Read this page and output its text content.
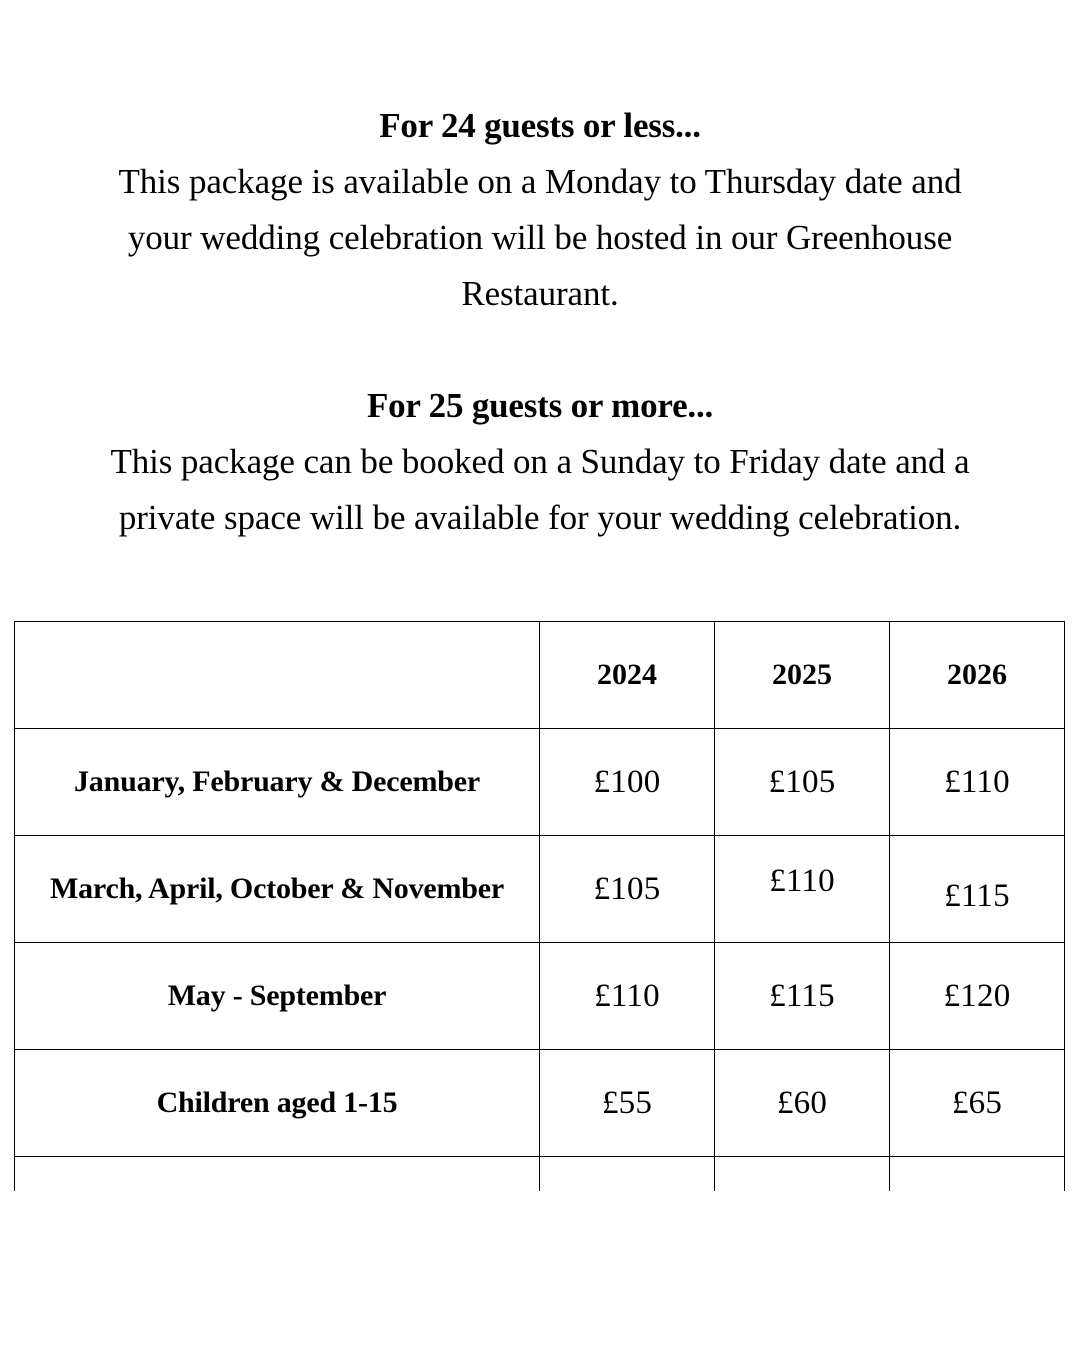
For 24 guests or less...
This package is available on a Monday to Thursday date and
your wedding celebration will be hosted in our Greenhouse
Restaurant.
For 25 guests or more...
This package can be booked on a Sunday to Friday date and a
private space will be available for your wedding celebration.
	2024	2025	2026
January, February & December	£100	£105	£110
March, April, October & November	£105	£110	£115
May - September	£110	£115	£120
Children aged 1-15	£55	£60	£65
